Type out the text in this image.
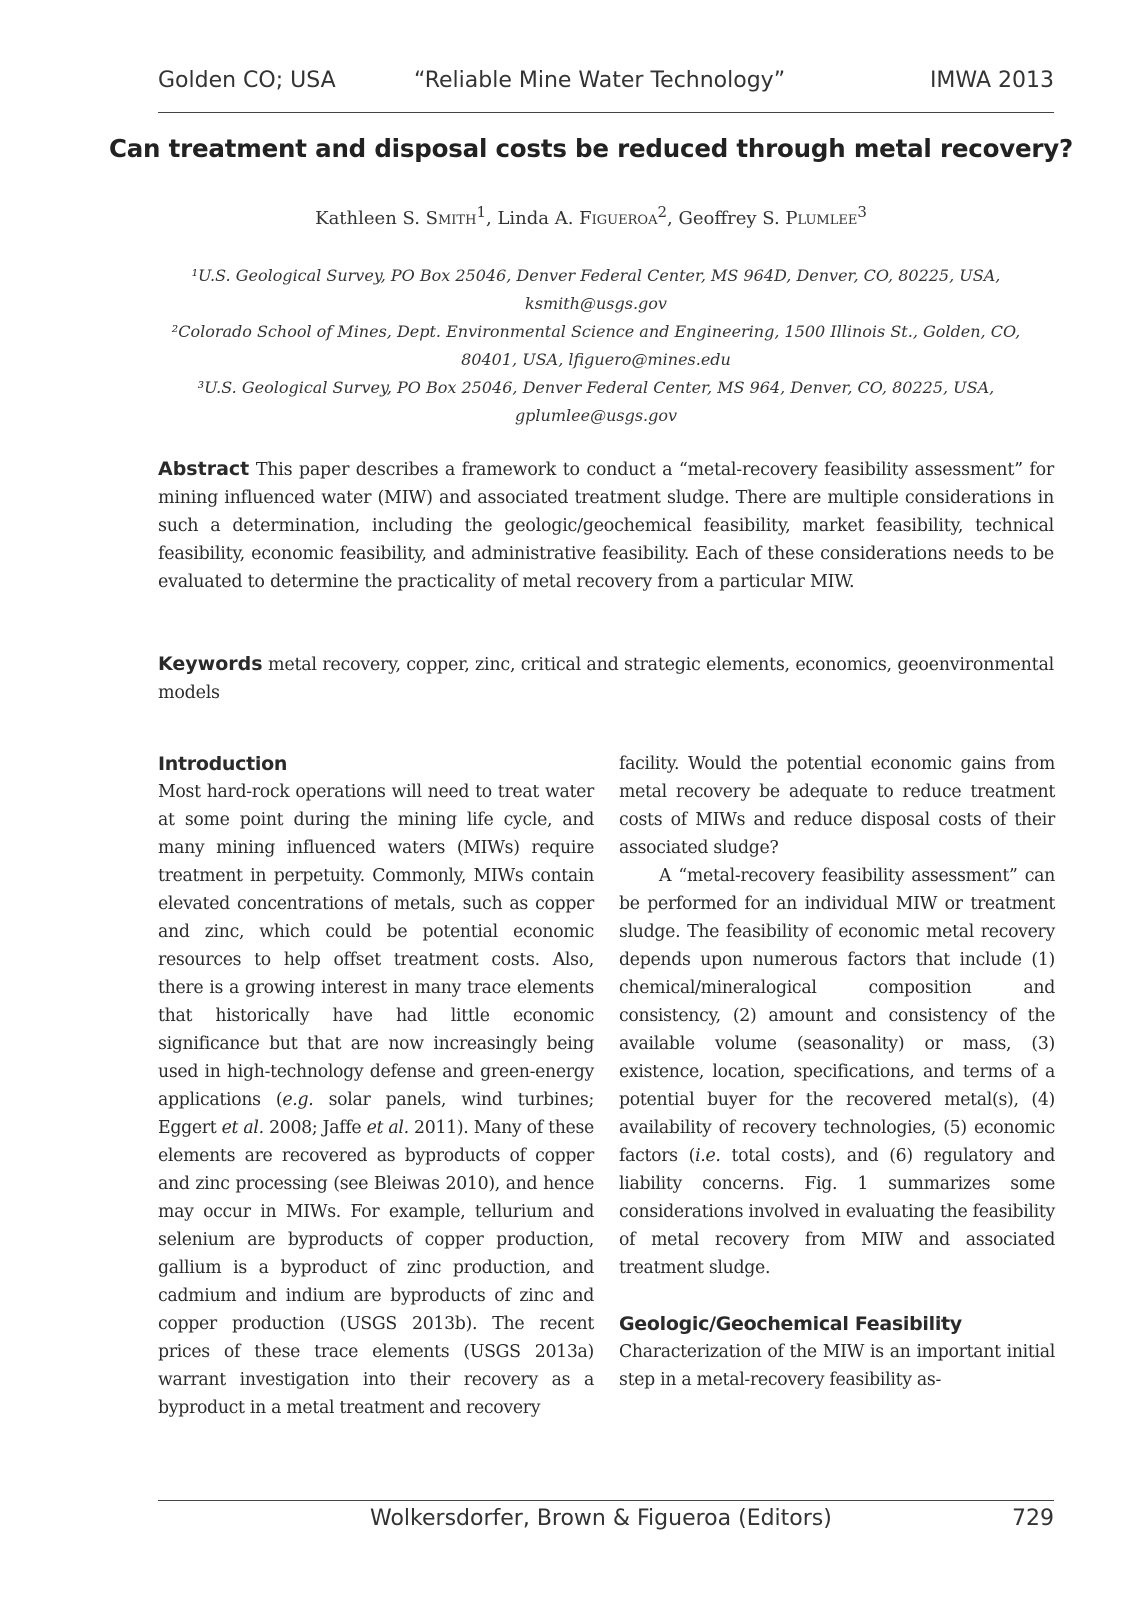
Golden CO; USA	“Reliable Mine Water Technology”	IMWA 2013
Can treatment and disposal costs be reduced through metal recovery?
Kathleen S. Smith$^1$, Linda A. Figueroa$^2$, Geoffrey S. Plumlee$^3$
¹U.S. Geological Survey, PO Box 25046, Denver Federal Center, MS 964D, Denver, CO, 80225, USA,
ksmith@usgs.gov
²Colorado School of Mines, Dept. Environmental Science and Engineering, 1500 Illinois St., Golden, CO,
80401, USA, lfiguero@mines.edu
³U.S. Geological Survey, PO Box 25046, Denver Federal Center, MS 964, Denver, CO, 80225, USA,
gplumlee@usgs.gov
Abstract This paper describes a framework to conduct a “metal-recovery feasibility assessment” for mining influenced water (MIW) and associated treatment sludge. There are multiple considerations in such a determination, including the geologic/geochemical feasibility, market feasibility, technical feasibility, economic feasibility, and administrative feasibility. Each of these considerations needs to be evaluated to determine the practicality of metal recovery from a particular MIW.
Keywords metal recovery, copper, zinc, critical and strategic elements, economics, geoenvironmental models
Introduction

Most hard-rock operations will need to treat water at some point during the mining life cycle, and many mining influenced waters (MIWs) require treatment in perpetuity. Commonly, MIWs contain elevated concentrations of metals, such as copper and zinc, which could be potential economic resources to help offset treatment costs. Also, there is a growing interest in many trace elements that historically have had little economic significance but that are now increasingly being used in high-technology defense and green-energy applications (e.g. solar panels, wind turbines; Eggert et al. 2008; Jaffe et al. 2011). Many of these elements are recovered as byproducts of copper and zinc processing (see Bleiwas 2010), and hence may occur in MIWs. For example, tellurium and selenium are byproducts of copper production, gallium is a byproduct of zinc production, and cadmium and indium are byproducts of zinc and copper production (USGS 2013b). The recent prices of these trace elements (USGS 2013a) warrant investigation into their recovery as a byproduct in a metal treatment and recovery

facility. Would the potential economic gains from metal recovery be adequate to reduce treatment costs of MIWs and reduce disposal costs of their associated sludge?

A “metal-recovery feasibility assessment” can be performed for an individual MIW or treatment sludge. The feasibility of economic metal recovery depends upon numerous factors that include (1) chemical/mineralogical composition and consistency, (2) amount and consistency of the available volume (seasonality) or mass, (3) existence, location, specifications, and terms of a potential buyer for the recovered metal(s), (4) availability of recovery technologies, (5) economic factors (i.e. total costs), and (6) regulatory and liability concerns. Fig. 1 summarizes some considerations involved in evaluating the feasibility of metal recovery from MIW and associated treatment sludge.

Geologic/Geochemical Feasibility

Characterization of the MIW is an important initial step in a metal-recovery feasibility as-

Wolkersdorfer, Brown & Figueroa (Editors)	729
